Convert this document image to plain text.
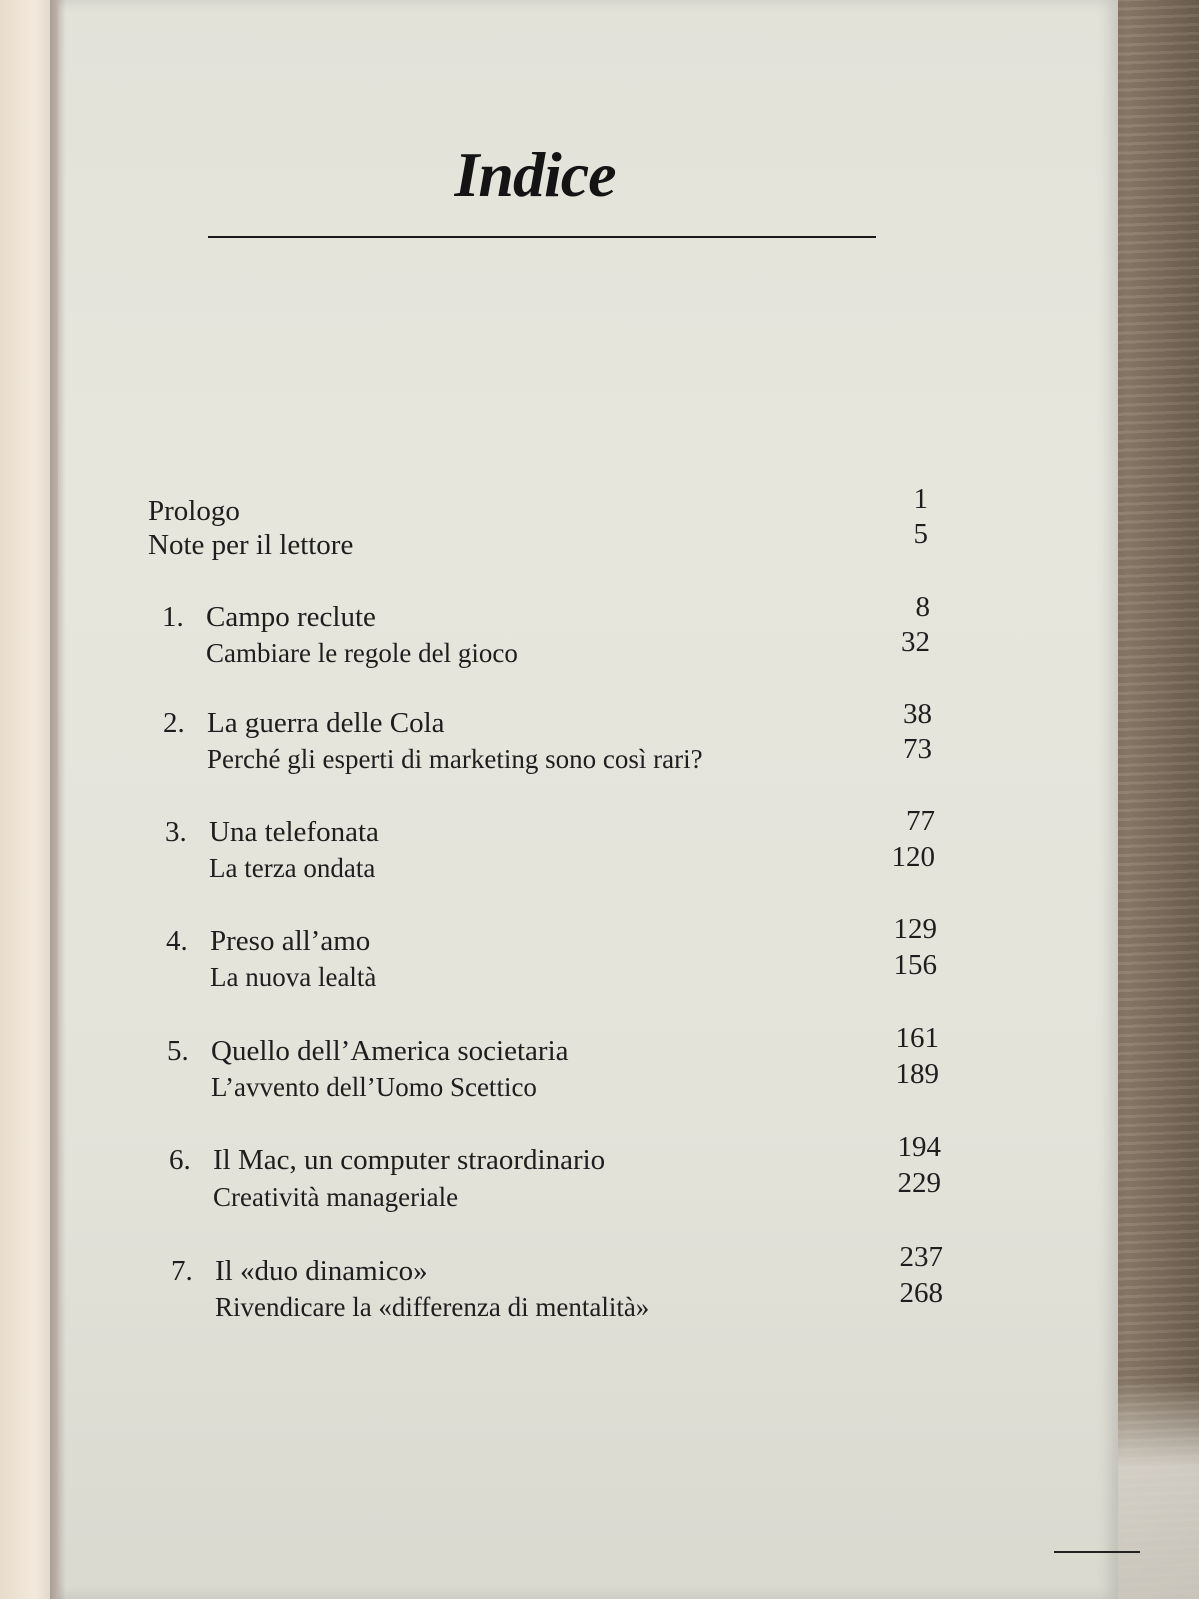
Indice
Prologo	1
Note per il lettore	5
1. Campo reclute	8
Cambiare le regole del gioco	32
2. La guerra delle Cola	38
Perché gli esperti di marketing sono così rari?	73
3. Una telefonata	77
La terza ondata	120
4. Preso all’amo	129
La nuova lealtà	156
5. Quello dell’America societaria	161
L’avvento dell’Uomo Scettico	189
6. Il Mac, un computer straordinario	194
Creatività manageriale	229
7. Il «duo dinamico»	237
Rivendicare la «differenza di mentalità»	268
